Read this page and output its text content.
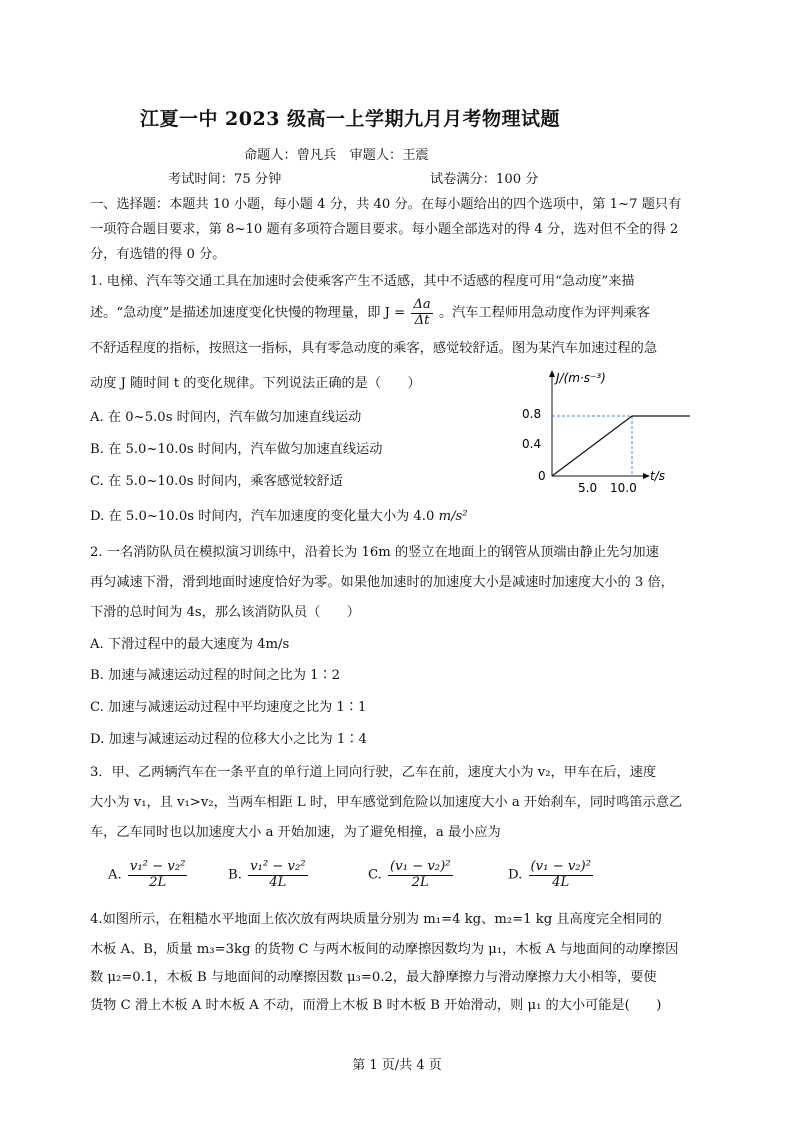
江夏一中 2023 级高一上学期九月月考物理试题
命题人：曾凡兵　审题人：王震
考试时间：75 分钟	试卷满分：100 分
一、选择题：本题共 10 小题，每小题 4 分，共 40 分。在每小题给出的四个选项中，第 1~7 题只有
一项符合题目要求，第 8~10 题有多项符合题目要求。每小题全部选对的得 4 分，选对但不全的得 2
分，有选错的得 0 分。
1. 电梯、汽车等交通工具在加速时会使乘客产生不适感，其中不适感的程度可用“急动度”来描
述。“急动度”是描述加速度变化快慢的物理量，即 $J = \frac{\Delta a}{\Delta t}$ 。汽车工程师用急动度作为评判乘客
不舒适程度的指标，按照这一指标，具有零急动度的乘客，感觉较舒适。图为某汽车加速过程的急
动度 J 随时间 t 的变化规律。下列说法正确的是（　　）
A. 在 0~5.0s 时间内，汽车做匀加速直线运动
B. 在 5.0~10.0s 时间内，汽车做匀加速直线运动
C. 在 5.0~10.0s 时间内，乘客感觉较舒适
D. 在 5.0~10.0s 时间内，汽车加速度的变化量大小为 4.0 m/s²
J/(m·s⁻³)
t/s
0
0.8
0.4
5.0 10.0
2. 一名消防队员在模拟演习训练中，沿着长为 16m 的竖立在地面上的钢管从顶端由静止先匀加速
再匀减速下滑，滑到地面时速度恰好为零。如果他加速时的加速度大小是减速时加速度大小的 3 倍，
下滑的总时间为 4s，那么该消防队员（　　）
A. 下滑过程中的最大速度为 4m/s
B. 加速与减速运动过程的时间之比为 1∶2
C. 加速与减速运动过程中平均速度之比为 1∶1
D. 加速与减速运动过程的位移大小之比为 1∶4
3．甲、乙两辆汽车在一条平直的单行道上同向行驶，乙车在前，速度大小为 v₂，甲车在后，速度
大小为 v₁，且 v₁>v₂，当两车相距 L 时，甲车感觉到危险以加速度大小 a 开始刹车，同时鸣笛示意乙
车，乙车同时也以加速度大小 a 开始加速，为了避免相撞，a 最小应为
A. $\frac{\text{v₁² − v₂²}}{2L}$	B. $\frac{\text{v₁² − v₂²}}{4L}$	C. $\frac{\text{(v₁ − v₂)²}}{2L}$	D. $\frac{\text{(v₁ − v₂)²}}{4L}$
4.如图所示，在粗糙水平地面上依次放有两块质量分别为 m₁=4 kg、m₂=1 kg 且高度完全相同的
木板 A、B，质量 m₃=3kg 的货物 C 与两木板间的动摩擦因数均为 μ₁，木板 A 与地面间的动摩擦因
数 μ₂=0.1，木板 B 与地面间的动摩擦因数 μ₃=0.2，最大静摩擦力与滑动摩擦力大小相等，要使
货物 C 滑上木板 A 时木板 A 不动，而滑上木板 B 时木板 B 开始滑动，则 μ₁ 的大小可能是(　　)
第 1 页/共 4 页
